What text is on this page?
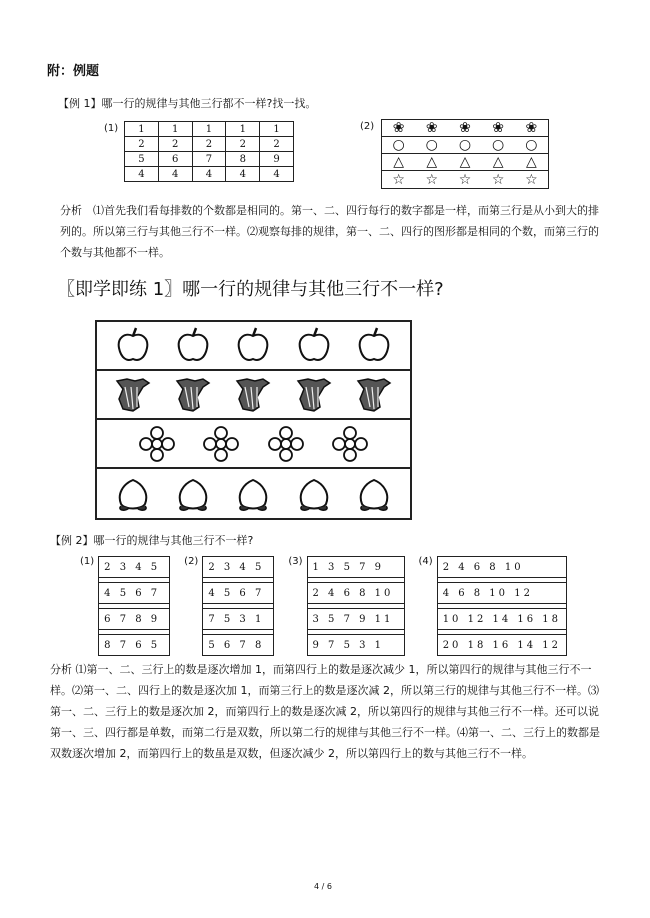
附：例题
【例 1】哪一行的规律与其他三行都不一样?找一找。
(1) 1	1	1	1	1
2	2	2	2	2
5	6	7	8	9
4	4	4	4	4
(2) ❀ ❀ ❀ ❀ ❀
○ ○ ○ ○ ○
△ △ △ △ △
☆ ☆ ☆ ☆ ☆
分析　⑴首先我们看每排数的个数都是相同的。第一、二、四行每行的数字都是一样，而第三行是从小到大的排列的。所以第三行与其他三行不一样。⑵观察每排的规律，第一、二、四行的图形都是相同的个数，而第三行的个数与其他都不一样。
〖即学即练 1〗哪一行的规律与其他三行不一样?
【例 2】哪一行的规律与其他三行不一样?
(1) 2 3 4 5

4 5 6 7

6 7 8 9

8 7 6 5
(2) 2 3 4 5

4 5 6 7

7 5 3 1

5 6 7 8
(3) 1 3 5 7 9

2 4 6 8 10

3 5 7 9 11

9 7 5 3 1
(4) 2 4 6 8 10

4 6 8 10 12

10 12 14 16 18

20 18 16 14 12
分析 ⑴第一、二、三行上的数是逐次增加 1，而第四行上的数是逐次减少 1，所以第四行的规律与其他三行不一样。⑵第一、二、四行上的数是逐次加 1，而第三行上的数是逐次减 2，所以第三行的规律与其他三行不一样。⑶第一、二、三行上的数是逐次加 2，而第四行上的数是逐次减 2，所以第四行的规律与其他三行不一样。还可以说第一、三、四行都是单数，而第二行是双数，所以第二行的规律与其他三行不一样。⑷第一、二、三行上的数都是双数逐次增加 2，而第四行上的数虽是双数，但逐次减少 2，所以第四行上的数与其他三行不一样。
4 / 6
